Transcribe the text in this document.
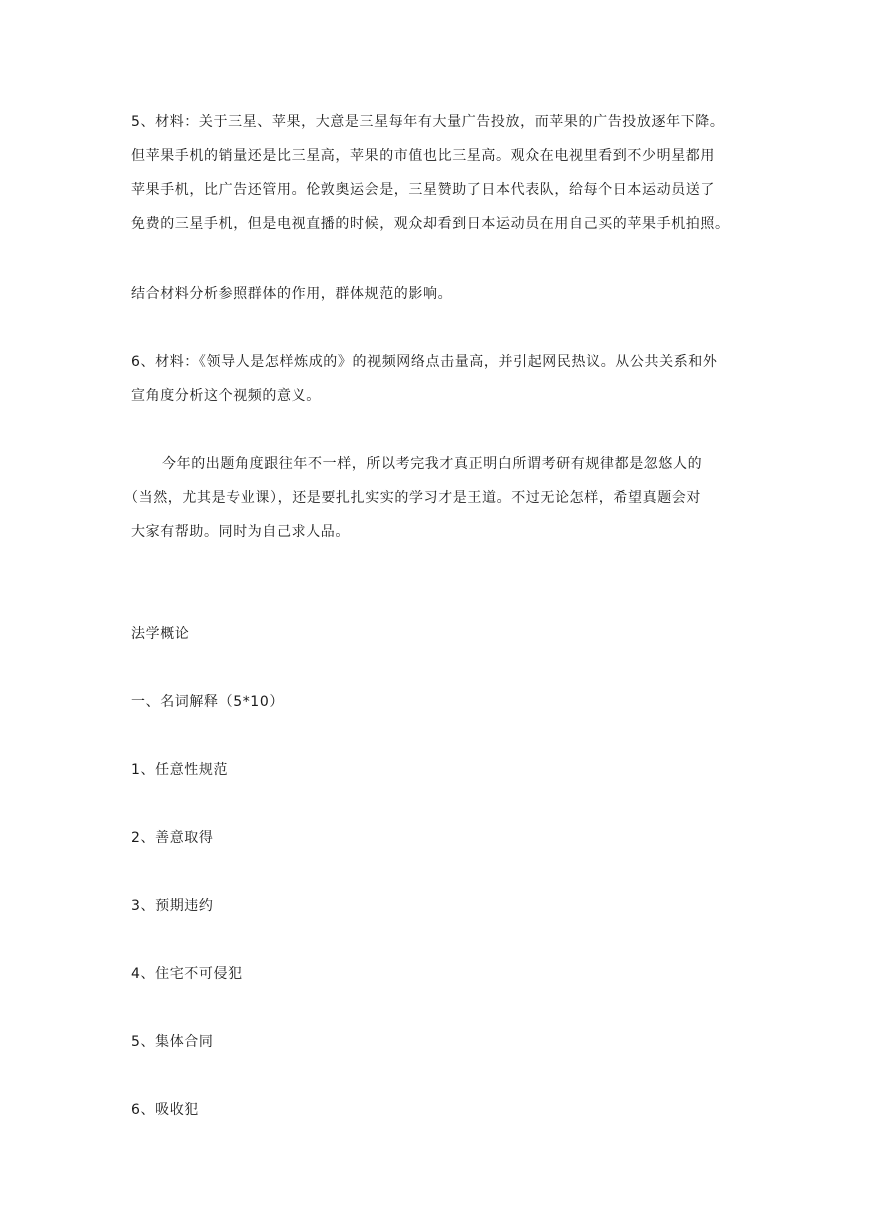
5、材料：关于三星、苹果，大意是三星每年有大量广告投放，而苹果的广告投放逐年下降。
但苹果手机的销量还是比三星高，苹果的市值也比三星高。观众在电视里看到不少明星都用
苹果手机，比广告还管用。伦敦奥运会是，三星赞助了日本代表队，给每个日本运动员送了
免费的三星手机，但是电视直播的时候，观众却看到日本运动员在用自己买的苹果手机拍照。
结合材料分析参照群体的作用，群体规范的影响。
6、材料：《领导人是怎样炼成的》的视频网络点击量高，并引起网民热议。从公共关系和外
宣角度分析这个视频的意义。
今年的出题角度跟往年不一样，所以考完我才真正明白所谓考研有规律都是忽悠人的
（当然，尤其是专业课），还是要扎扎实实的学习才是王道。不过无论怎样，希望真题会对
大家有帮助。同时为自己求人品。
法学概论
一、名词解释（5*10）
1、任意性规范
2、善意取得
3、预期违约
4、住宅不可侵犯
5、集体合同
6、吸收犯
